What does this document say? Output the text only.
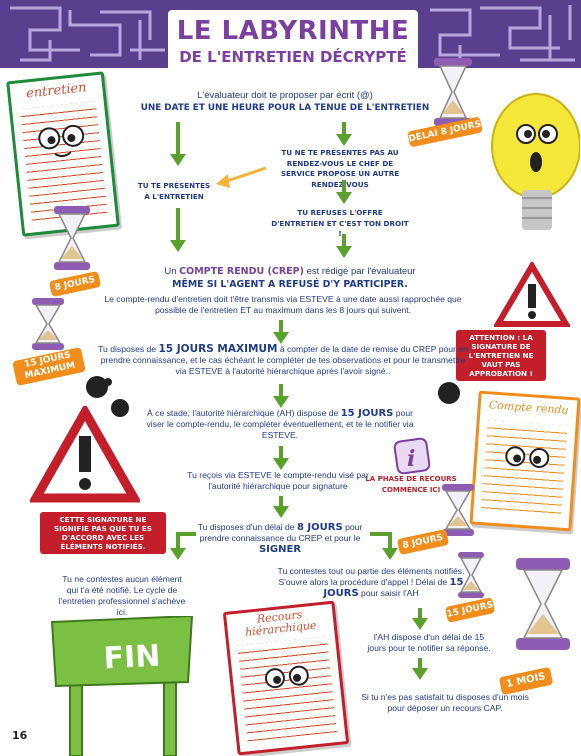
LE LABYRINTHE
DE L'ENTRETIEN DÉCRYPTÉ
entretien
DÉLAI 8 JOURS
L'évaluateur doit te proposer par écrit (@)
UNE DATE ET UNE HEURE POUR LA TENUE DE L'ENTRETIEN
TU NE TE PRÉSENTES PAS AU RENDEZ-VOUS LE CHEF DE SERVICE PROPOSE UN AUTRE RENDEZ-VOUS
TU TE PRÉSENTES À L'ENTRETIEN
TU REFUSES L'OFFRE D'ENTRETIEN ET C'EST TON DROIT !
8 JOURS
Un COMPTE RENDU (CREP) est rédigé par l'évaluateur
MÊME SI L'AGENT A REFUSÉ D'Y PARTICIPER.
Le compte-rendu d'entretien doit t'être transmis via ESTEVE à une date aussi rapprochée que possible de l'entretien ET au maximum dans les 8 jours qui suivent.
ATTENTION : LA SIGNATURE DE L'ENTRETIEN NE VAUT PAS APPROBATION !
15 JOURS MAXIMUM
Tu disposes de 15 JOURS MAXIMUM à compter de la date de remise du CREP pour en prendre connaissance, et le cas échéant le compléter de tes observations et pour le transmettre via ESTEVE à l'autorité hiérarchique après l'avoir signé..
À ce stade, l'autorité hiérarchique (AH) dispose de 15 JOURS pour viser le compte-rendu, le compléter éventuellement, et te le notifier via ESTEVE.
CETTE SIGNATURE NE SIGNIFIE PAS QUE TU ES D'ACCORD AVEC LES ÉLÉMENTS NOTIFIÉS.
Compte rendu
i
LA PHASE DE RECOURS COMMENCE ICI
Tu reçois via ESTEVE le compte-rendu visé par l'autorité hiérarchique pour signature
8 JOURS
Tu disposes d'un délai de 8 JOURS pour prendre connaissance du CREP et pour le SIGNER
Tu ne contestes aucun élément qui t'a été notifié. Le cycle de l'entretien professionnel s'achève ici.
Tu contestes tout ou partie des éléments notifiés. S'ouvre alors la procédure d'appel ! Délai de 15 JOURS pour saisir l'AH
15 JOURS
1 MOIS
Recours hiérarchique	l'AH dispose d'un délai de 15 jours pour te notifier sa réponse.
Si tu n'es pas satisfait tu disposes d'un mois pour déposer un recours CAP.
FIN
16
